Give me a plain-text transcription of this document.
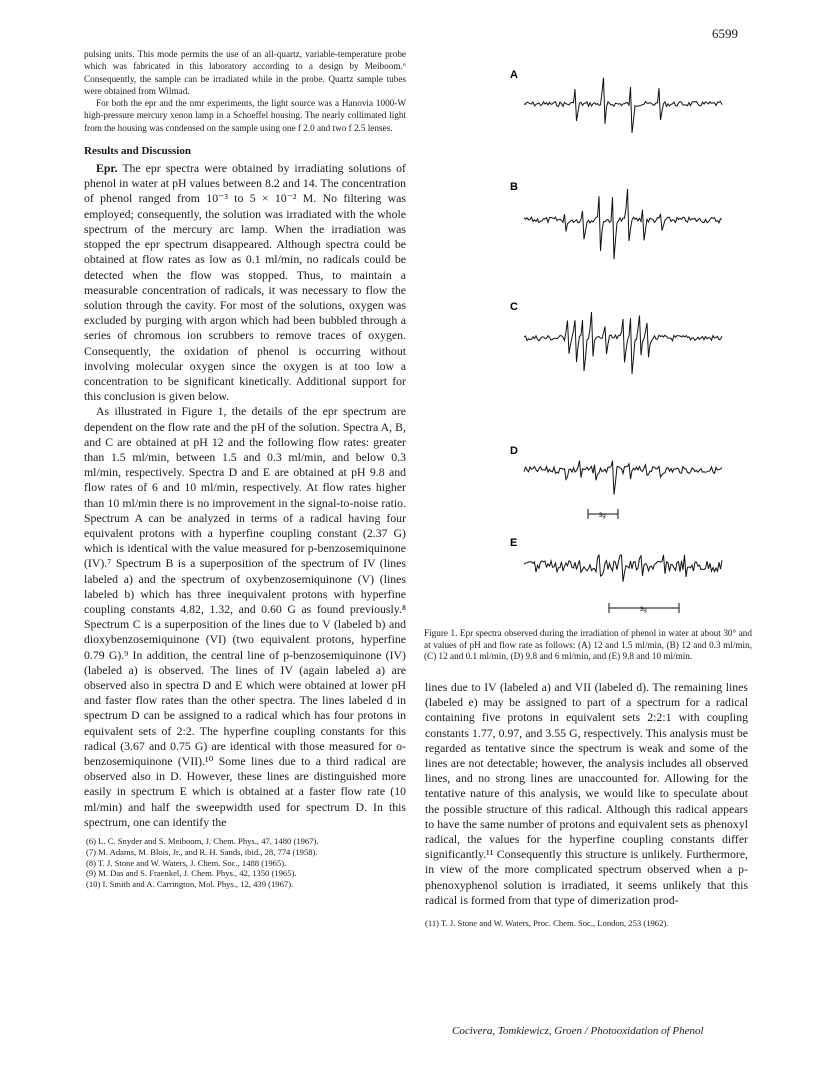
6599

pulsing units. This mode permits the use of an all-quartz, variable-temperature probe which was fabricated in this laboratory according to a design by Meiboom.⁶ Consequently, the sample can be irradiated while in the probe. Quartz sample tubes were obtained from Wilmad.

For both the epr and the nmr experiments, the light source was a Hanovia 1000-W high-pressure mercury xenon lamp in a Schoeffel housing. The nearly collimated light from the housing was condensed on the sample using one f 2.0 and two f 2.5 lenses.

Results and Discussion

Epr. The epr spectra were obtained by irradiating solutions of phenol in water at pH values between 8.2 and 14. The concentration of phenol ranged from 10⁻³ to 5 × 10⁻² M. No filtering was employed; consequently, the solution was irradiated with the whole spectrum of the mercury arc lamp. When the irradiation was stopped the epr spectrum disappeared. Although spectra could be obtained at flow rates as low as 0.1 ml/min, no radicals could be detected when the flow was stopped. Thus, to maintain a measurable concentration of radicals, it was necessary to flow the solution through the cavity. For most of the solutions, oxygen was excluded by purging with argon which had been bubbled through a series of chromous ion scrubbers to remove traces of oxygen. Consequently, the oxidation of phenol is occurring without involving molecular oxygen since the oxygen is at too low a concentration to be significant kinetically. Additional support for this conclusion is given below.

As illustrated in Figure 1, the details of the epr spectrum are dependent on the flow rate and the pH of the solution. Spectra A, B, and C are obtained at pH 12 and the following flow rates: greater than 1.5 ml/min, between 1.5 and 0.3 ml/min, and below 0.3 ml/min, respectively. Spectra D and E are obtained at pH 9.8 and flow rates of 6 and 10 ml/min, respectively. At flow rates higher than 10 ml/min there is no improvement in the signal-to-noise ratio. Spectrum A can be analyzed in terms of a radical having four equivalent protons with a hyperfine coupling constant (2.37 G) which is identical with the value measured for p-benzosemiquinone (IV).⁷ Spectrum B is a superposition of the spectrum of IV (lines labeled a) and the spectrum of oxybenzosemiquinone (V) (lines labeled b) which has three inequivalent protons with hyperfine coupling constants 4.82, 1.32, and 0.60 G as found previously.⁸ Spectrum C is a superposition of the lines due to V (labeled b) and dioxybenzosemiquinone (VI) (two equivalent protons, hyperfine 0.79 G).⁹ In addition, the central line of p-benzosemiquinone (IV) (labeled a) is observed. The lines of IV (again labeled a) are observed also in spectra D and E which were obtained at lower pH and faster flow rates than the other spectra. The lines labeled d in spectrum D can be assigned to a radical which has four protons in equivalent sets of 2:2. The hyperfine coupling constants for this radical (3.67 and 0.75 G) are identical with those measured for o-benzosemiquinone (VII).¹⁰ Some lines due to a third radical are observed also in D. However, these lines are distinguished more easily in spectrum E which is obtained at a faster flow rate (10 ml/min) and half the sweepwidth used for spectrum D. In this spectrum, one can identify the

(6) L. C. Snyder and S. Meiboom, J. Chem. Phys., 47, 1480 (1967).
(7) M. Adams, M. Blois, Jr., and R. H. Sands, ibid., 28, 774 (1958).
(8) T. J. Stone and W. Waters, J. Chem. Soc., 1488 (1965).
(9) M. Das and S. Fraenkel, J. Chem. Phys., 42, 1350 (1965).
(10) I. Smith and A. Carrington, Mol. Phys., 12, 439 (1967).
A
B
C
D
E
3g
3g
Figure 1. Epr spectra observed during the irradiation of phenol in water at about 30° and at values of pH and flow rate as follows: (A) 12 and 1.5 ml/min, (B) 12 and 0.3 ml/min, (C) 12 and 0.1 ml/min, (D) 9.8 and 6 ml/min, and (E) 9.8 and 10 ml/min.

lines due to IV (labeled a) and VII (labeled d). The remaining lines (labeled e) may be assigned to part of a spectrum for a radical containing five protons in equivalent sets 2:2:1 with coupling constants 1.77, 0.97, and 3.55 G, respectively. This analysis must be regarded as tentative since the spectrum is weak and some of the lines are not detectable; however, the analysis includes all observed lines, and no strong lines are unaccounted for. Allowing for the tentative nature of this analysis, we would like to speculate about the possible structure of this radical. Although this radical appears to have the same number of protons and equivalent sets as phenoxyl radical, the values for the hyperfine coupling constants differ significantly.¹¹ Consequently this structure is unlikely. Furthermore, in view of the more complicated spectrum observed when a p-phenoxyphenol solution is irradiated, it seems unlikely that this radical is formed from that type of dimerization prod-

(11) T. J. Stone and W. Waters, Proc. Chem. Soc., London, 253 (1962).
Cocivera, Tomkiewicz, Groen / Photooxidation of Phenol
